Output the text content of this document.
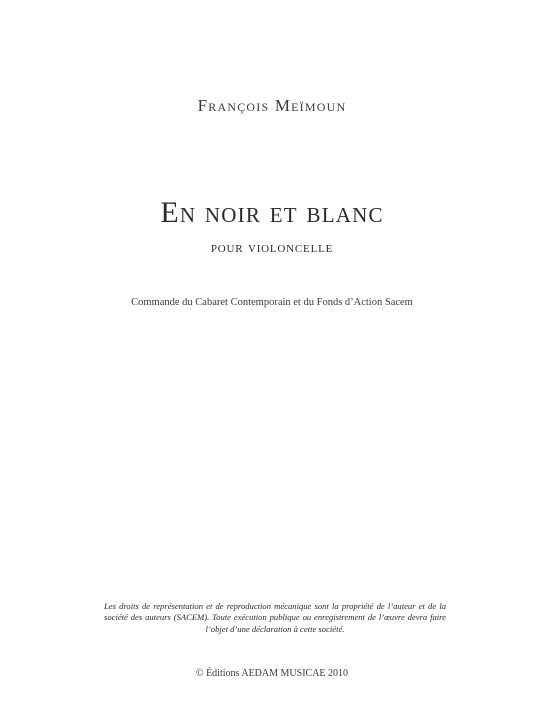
François Meïmoun
En noir et blanc
pour violoncelle
Commande du Cabaret Contemporain et du Fonds d’Action Sacem
Les droits de représentation et de reproduction mécanique sont la propriété de l’auteur et de la
société des auteurs (SACEM). Toute exécution publique ou enregistrement de l’œuvre devra faire
l’objet d’une déclaration à cette société.
© Éditions AEDAM MUSICAE 2010
